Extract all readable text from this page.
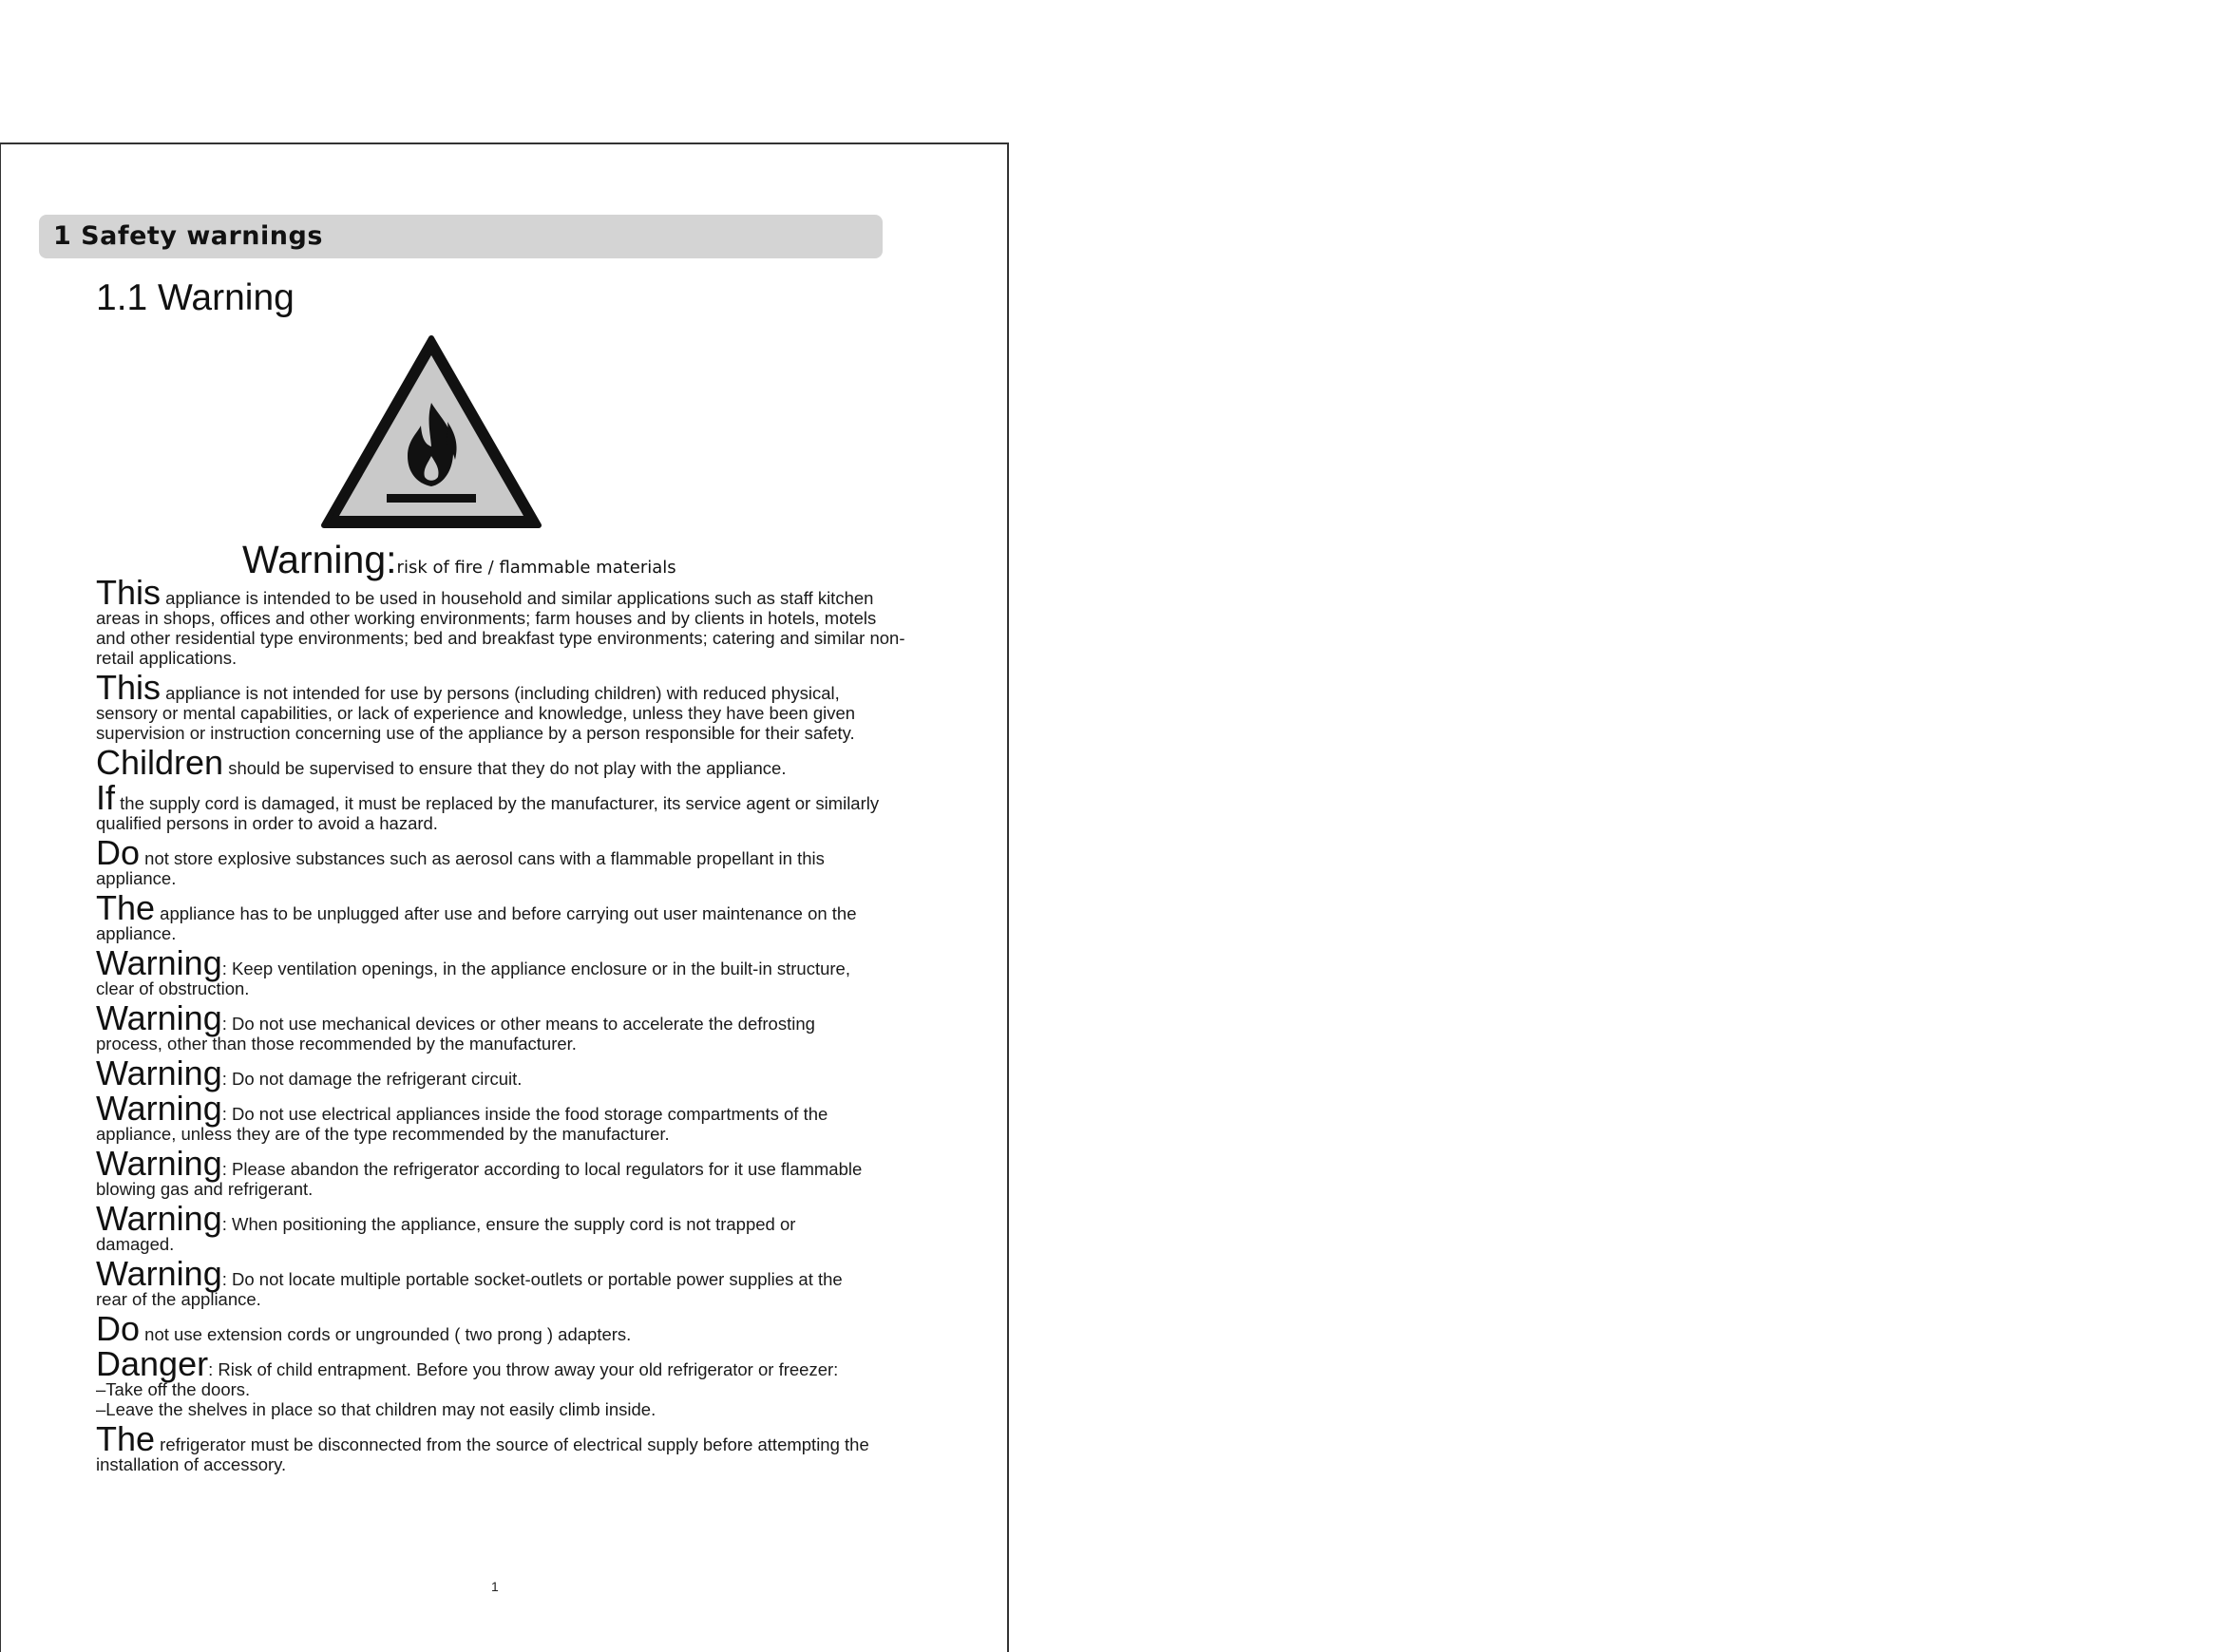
1 Safety warnings
1.1 Warning
Warning:risk of fire / flammable materials

This appliance is intended to be used in household and similar applications such as staff kitchen
areas in shops, offices and other working environments; farm houses and by clients in hotels, motels
and other residential type environments; bed and breakfast type environments; catering and similar non-
retail applications.

This appliance is not intended for use by persons (including children) with reduced physical,
sensory or mental capabilities, or lack of experience and knowledge, unless they have been given
supervision or instruction concerning use of the appliance by a person responsible for their safety.

Children should be supervised to ensure that they do not play with the appliance.

If the supply cord is damaged, it must be replaced by the manufacturer, its service agent or similarly
qualified persons in order to avoid a hazard.

Do not store explosive substances such as aerosol cans with a flammable propellant in this
appliance.

The appliance has to be unplugged after use and before carrying out user maintenance on the
appliance.

Warning: Keep ventilation openings, in the appliance enclosure or in the built-in structure,
clear of obstruction.

Warning: Do not use mechanical devices or other means to accelerate the defrosting
process, other than those recommended by the manufacturer.

Warning: Do not damage the refrigerant circuit.

Warning: Do not use electrical appliances inside the food storage compartments of the
appliance, unless they are of the type recommended by the manufacturer.

Warning: Please abandon the refrigerator according to local regulators for it use flammable
blowing gas and refrigerant.

Warning: When positioning the appliance, ensure the supply cord is not trapped or
damaged.

Warning: Do not locate multiple portable socket-outlets or portable power supplies at the
rear of the appliance.

Do not use extension cords or ungrounded ( two prong ) adapters.

Danger: Risk of child entrapment. Before you throw away your old refrigerator or freezer:
–Take off the doors.
–Leave the shelves in place so that children may not easily climb inside.

The refrigerator must be disconnected from the source of electrical supply before attempting the
installation of accessory.

1
